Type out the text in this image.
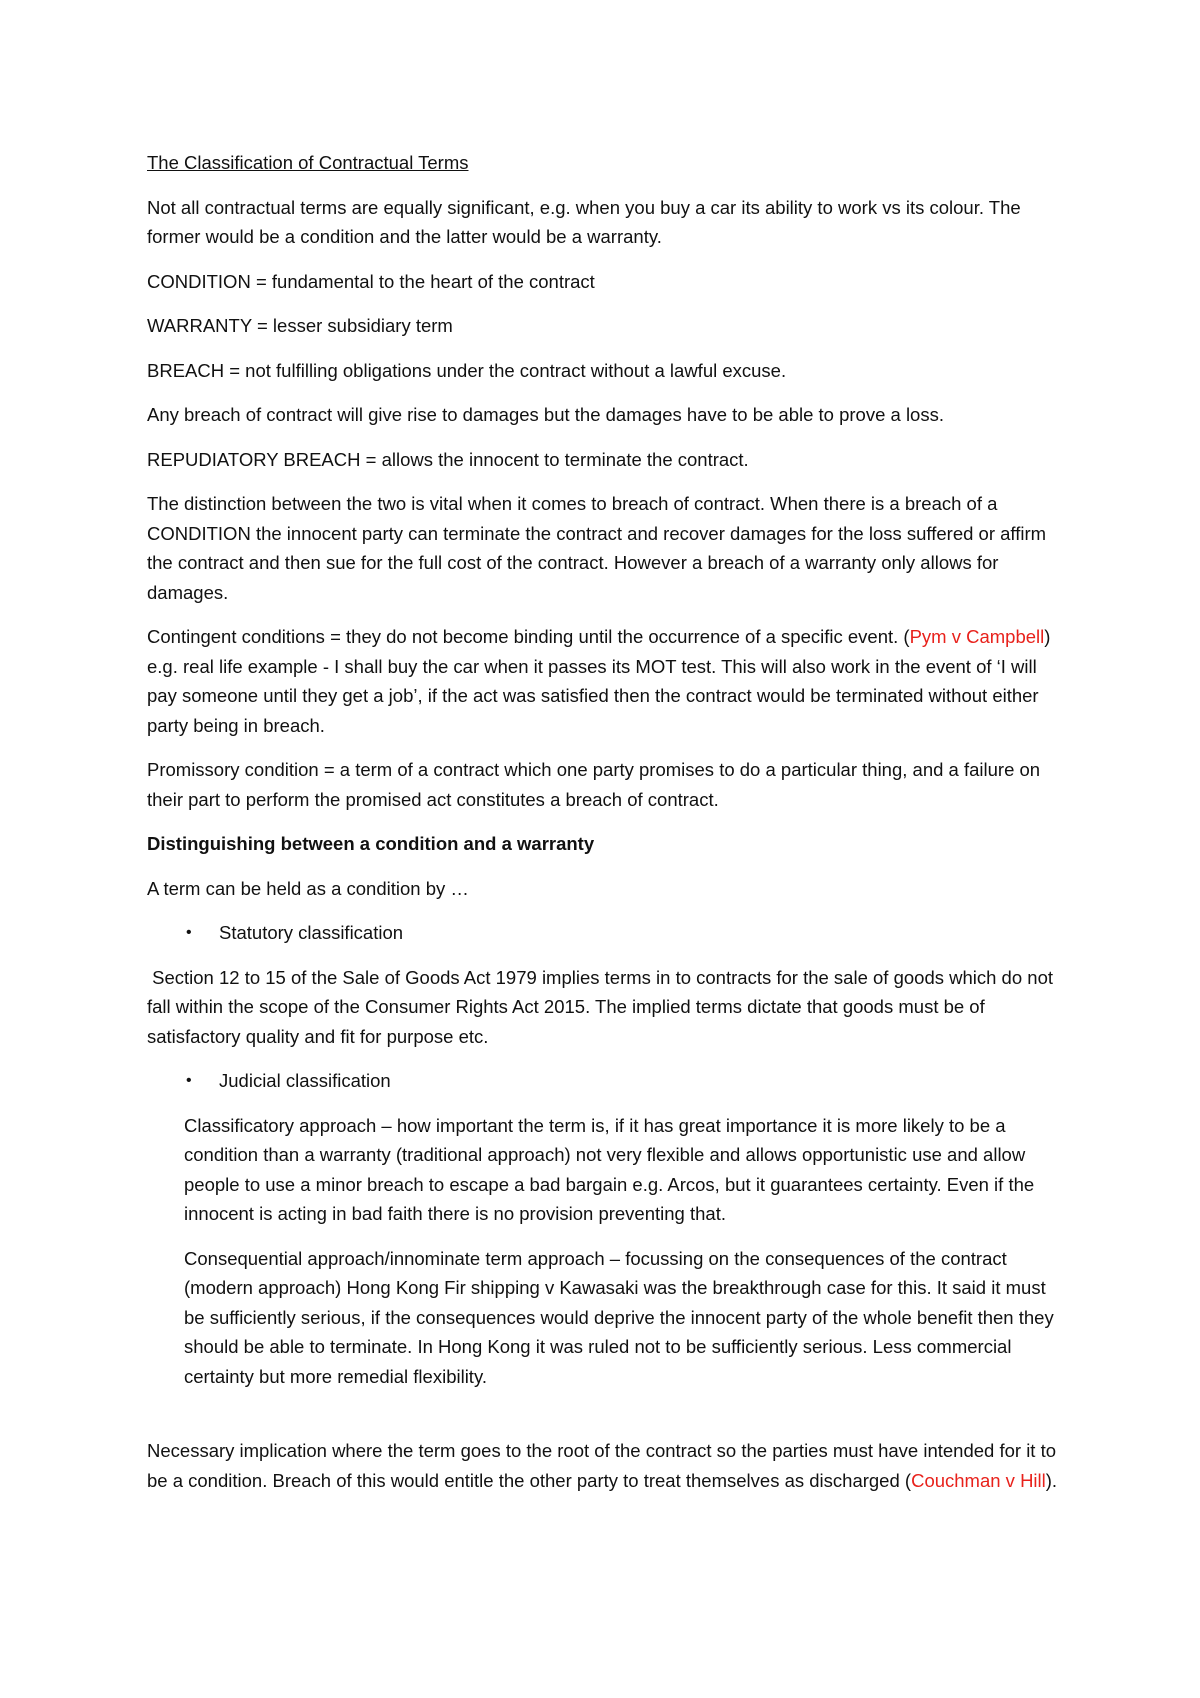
The Classification of Contractual Terms

Not all contractual terms are equally significant, e.g. when you buy a car its ability to work vs its colour. The former would be a condition and the latter would be a warranty.

CONDITION = fundamental to the heart of the contract

WARRANTY = lesser subsidiary term

BREACH = not fulfilling obligations under the contract without a lawful excuse.

Any breach of contract will give rise to damages but the damages have to be able to prove a loss.

REPUDIATORY BREACH = allows the innocent to terminate the contract.

The distinction between the two is vital when it comes to breach of contract. When there is a breach of a CONDITION the innocent party can terminate the contract and recover damages for the loss suffered or affirm the contract and then sue for the full cost of the contract. However a breach of a warranty only allows for damages.

Contingent conditions = they do not become binding until the occurrence of a specific event. (Pym v Campbell) e.g. real life example - I shall buy the car when it passes its MOT test. This will also work in the event of ‘I will pay someone until they get a job’, if the act was satisfied then the contract would be terminated without either party being in breach.

Promissory condition = a term of a contract which one party promises to do a particular thing, and a failure on their part to perform the promised act constitutes a breach of contract.

Distinguishing between a condition and a warranty

A term can be held as a condition by …

• Statutory classification

Section 12 to 15 of the Sale of Goods Act 1979 implies terms in to contracts for the sale of goods which do not fall within the scope of the Consumer Rights Act 2015. The implied terms dictate that goods must be of satisfactory quality and fit for purpose etc.

• Judicial classification

Classificatory approach – how important the term is, if it has great importance it is more likely to be a condition than a warranty (traditional approach) not very flexible and allows opportunistic use and allow people to use a minor breach to escape a bad bargain e.g. Arcos, but it guarantees certainty. Even if the innocent is acting in bad faith there is no provision preventing that.

Consequential approach/innominate term approach – focussing on the consequences of the contract (modern approach) Hong Kong Fir shipping v Kawasaki was the breakthrough case for this. It said it must be sufficiently serious, if the consequences would deprive the innocent party of the whole benefit then they should be able to terminate. In Hong Kong it was ruled not to be sufficiently serious. Less commercial certainty but more remedial flexibility.

Necessary implication where the term goes to the root of the contract so the parties must have intended for it to be a condition. Breach of this would entitle the other party to treat themselves as discharged (Couchman v Hill).
